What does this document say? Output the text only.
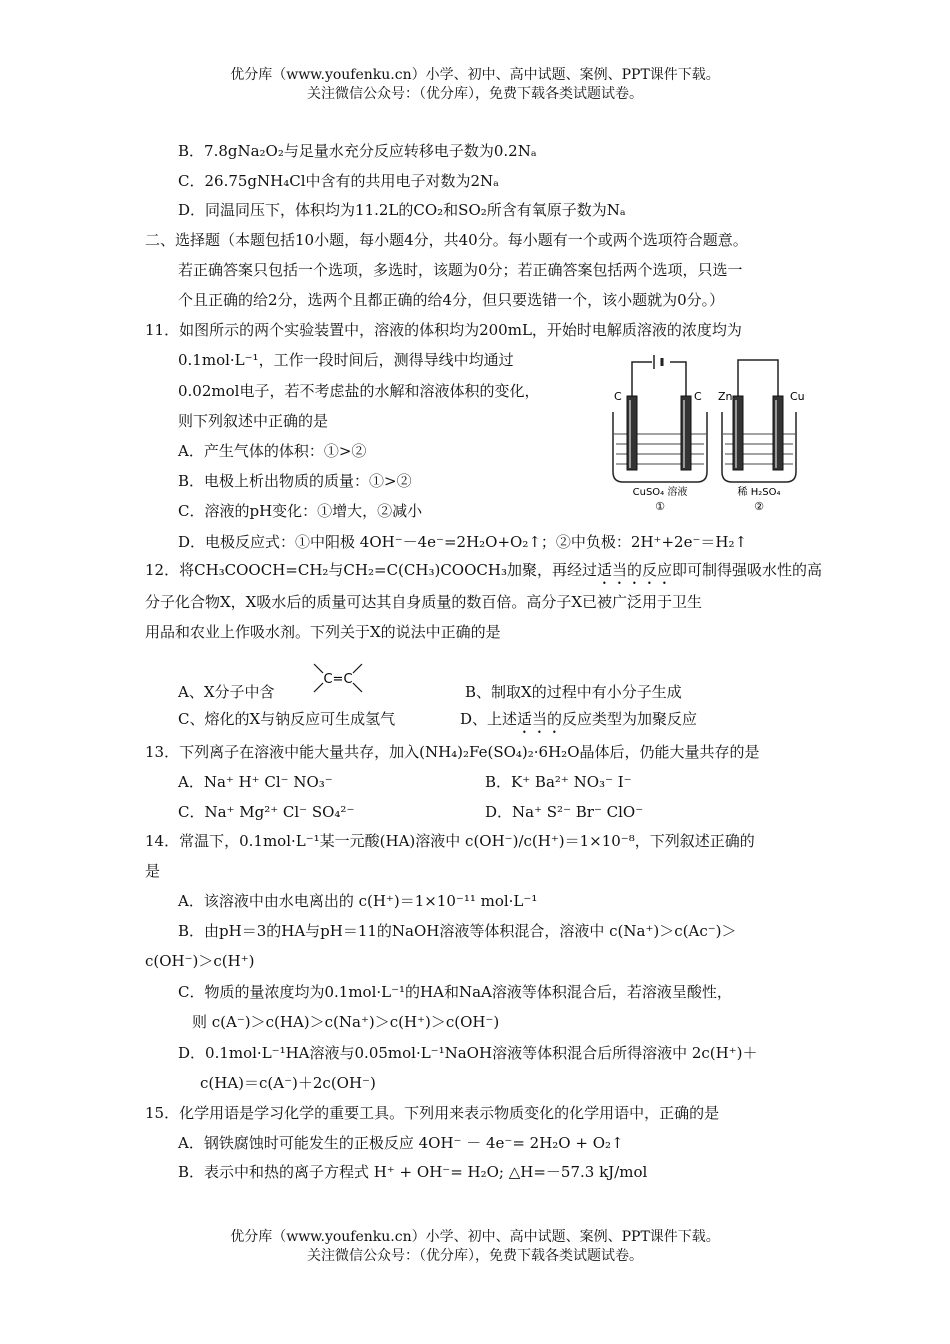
优分库（www.youfenku.cn）小学、初中、高中试题、案例、PPT课件下载。
关注微信公众号：（优分库），免费下载各类试题试卷。
B．7.8gNa₂O₂与足量水充分反应转移电子数为0.2Nₐ
C．26.75gNH₄Cl中含有的共用电子对数为2Nₐ
D．同温同压下，体积均为11.2L的CO₂和SO₂所含有氧原子数为Nₐ
二、选择题（本题包括10小题，每小题4分，共40分。每小题有一个或两个选项符合题意。
若正确答案只包括一个选项，多选时，该题为0分；若正确答案包括两个选项，只选一
个且正确的给2分，选两个且都正确的给4分，但只要选错一个，该小题就为0分。）
11．如图所示的两个实验装置中，溶液的体积均为200mL，开始时电解质溶液的浓度均为
0.1mol·L⁻¹，工作一段时间后，测得导线中均通过
0.02mol电子，若不考虑盐的水解和溶液体积的变化，
则下列叙述中正确的是
A．产生气体的体积：①>②
B．电极上析出物质的质量：①>②
C．溶液的pH变化：①增大，②减小
D．电极反应式：①中阳极 4OH⁻－4e⁻=2H₂O+O₂↑；②中负极：2H⁺+2e⁻＝H₂↑
C	C Zn	Cu
CuSO₄ 溶液
①
稀 H₂SO₄
②
12．将CH₃COOCH=CH₂与CH₂=C(CH₃)COOCH₃加聚，再经过适当的反应即可制得强吸水性的高
分子化合物X，X吸水后的质量可达其自身质量的数百倍。高分子X已被广泛用于卫生
用品和农业上作吸水剂。下列关于X的说法中正确的是
A、X分子中含
C=C
B、制取X的过程中有小分子生成
C、熔化的X与钠反应可生成氢气	D、上述适当的反应类型为加聚反应
13．下列离子在溶液中能大量共存，加入(NH₄)₂Fe(SO₄)₂·6H₂O晶体后，仍能大量共存的是
A．Na⁺ H⁺ Cl⁻ NO₃⁻	B．K⁺ Ba²⁺ NO₃⁻ I⁻
C．Na⁺ Mg²⁺ Cl⁻ SO₄²⁻	D．Na⁺ S²⁻ Br⁻ ClO⁻
14．常温下，0.1mol·L⁻¹某一元酸(HA)溶液中 c(OH⁻)/c(H⁺)＝1×10⁻⁸，下列叙述正确的
是
A．该溶液中由水电离出的 c(H⁺)＝1×10⁻¹¹ mol·L⁻¹
B．由pH＝3的HA与pH＝11的NaOH溶液等体积混合，溶液中 c(Na⁺)＞c(Ac⁻)＞
c(OH⁻)＞c(H⁺)
C．物质的量浓度均为0.1mol·L⁻¹的HA和NaA溶液等体积混合后，若溶液呈酸性，
则 c(A⁻)＞c(HA)＞c(Na⁺)＞c(H⁺)＞c(OH⁻)
D．0.1mol·L⁻¹HA溶液与0.05mol·L⁻¹NaOH溶液等体积混合后所得溶液中 2c(H⁺)＋
c(HA)＝c(A⁻)＋2c(OH⁻)
15．化学用语是学习化学的重要工具。下列用来表示物质变化的化学用语中，正确的是
A．钢铁腐蚀时可能发生的正极反应 4OH⁻ － 4e⁻= 2H₂O + O₂↑
B．表示中和热的离子方程式 H⁺ + OH⁻= H₂O; △H=－57.3 kJ/mol
优分库（www.youfenku.cn）小学、初中、高中试题、案例、PPT课件下载。
关注微信公众号：（优分库），免费下载各类试题试卷。
